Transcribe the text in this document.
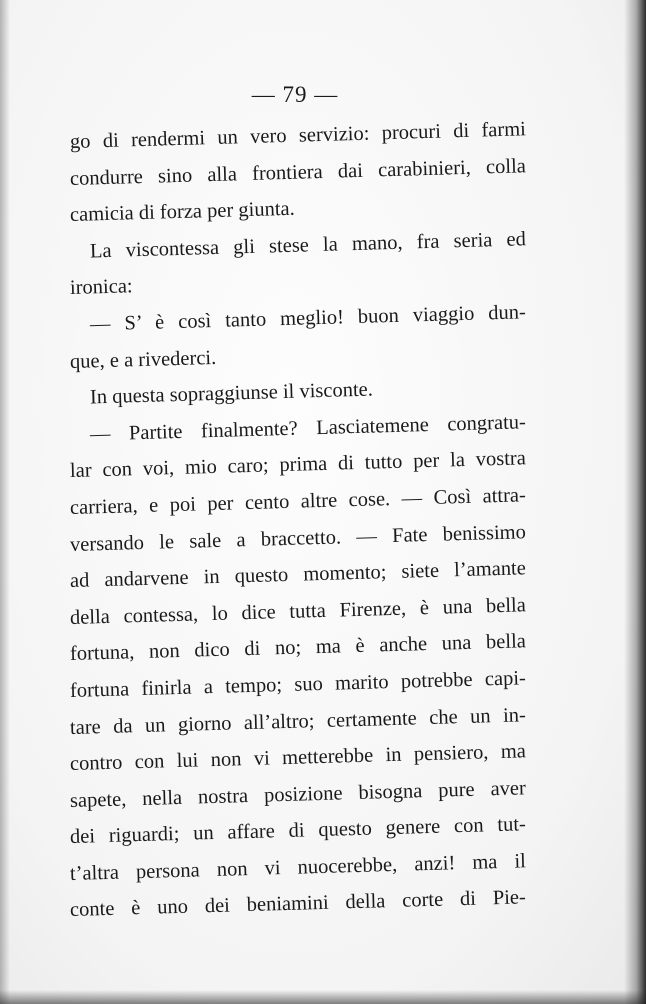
— 79 —
go di rendermi un vero servizio: procuri di farmi
condurre sino alla frontiera dai carabinieri, colla
camicia di forza per giunta.
La viscontessa gli stese la mano, fra seria ed
ironica:
— S’ è così tanto meglio! buon viaggio dun-
que, e a rivederci.
In questa sopraggiunse il visconte.
— Partite finalmente? Lasciatemene congratu-
lar con voi, mio caro; prima di tutto per la vostra
carriera, e poi per cento altre cose. — Così attra-
versando le sale a braccetto. — Fate benissimo
ad andarvene in questo momento; siete l’amante
della contessa, lo dice tutta Firenze, è una bella
fortuna, non dico di no; ma è anche una bella
fortuna finirla a tempo; suo marito potrebbe capi-
tare da un giorno all’altro; certamente che un in-
contro con lui non vi metterebbe in pensiero, ma
sapete, nella nostra posizione bisogna pure aver
dei riguardi; un affare di questo genere con tut-
t’altra persona non vi nuocerebbe, anzi! ma il
conte è uno dei beniamini della corte di Pie-
